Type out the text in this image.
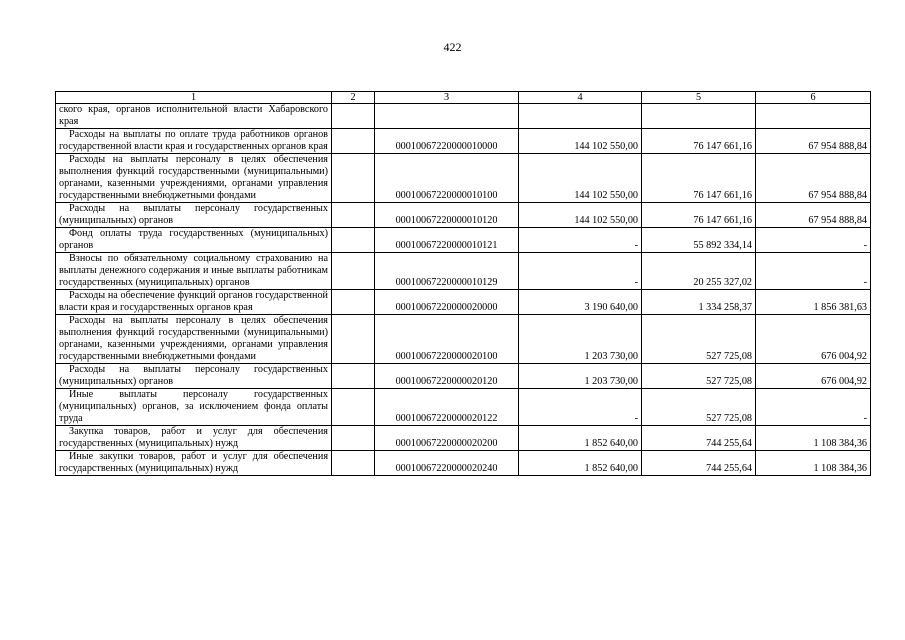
422
1	2	3	4	5	6
ского края, органов исполнительной власти Хабаровского края					
Расходы на выплаты по оплате труда работников органов государственной власти края и государственных органов края		00010067220000010000	144 102 550,00	76 147 661,16	67 954 888,84
Расходы на выплаты персоналу в целях обеспечения выполнения функций государственными (муниципальными) органами, казенными учреждениями, органами управления государственными внебюджетными фондами		00010067220000010100	144 102 550,00	76 147 661,16	67 954 888,84
Расходы на выплаты персоналу государственных (муниципальных) органов		00010067220000010120	144 102 550,00	76 147 661,16	67 954 888,84
Фонд оплаты труда государственных (муниципальных) органов		00010067220000010121	-	55 892 334,14	-
Взносы по обязательному социальному страхованию на выплаты денежного содержания и иные выплаты работникам государственных (муниципальных) органов		00010067220000010129	-	20 255 327,02	-
Расходы на обеспечение функций органов государственной власти края и государственных органов края		00010067220000020000	3 190 640,00	1 334 258,37	1 856 381,63
Расходы на выплаты персоналу в целях обеспечения выполнения функций государственными (муниципальными) органами, казенными учреждениями, органами управления государственными внебюджетными фондами		00010067220000020100	1 203 730,00	527 725,08	676 004,92
Расходы на выплаты персоналу государственных (муниципальных) органов		00010067220000020120	1 203 730,00	527 725,08	676 004,92
Иные выплаты персоналу государственных (муниципальных) органов, за исключением фонда оплаты труда		00010067220000020122	-	527 725,08	-
Закупка товаров, работ и услуг для обеспечения государственных (муниципальных) нужд		00010067220000020200	1 852 640,00	744 255,64	1 108 384,36
Иные закупки товаров, работ и услуг для обеспечения государственных (муниципальных) нужд		00010067220000020240	1 852 640,00	744 255,64	1 108 384,36
